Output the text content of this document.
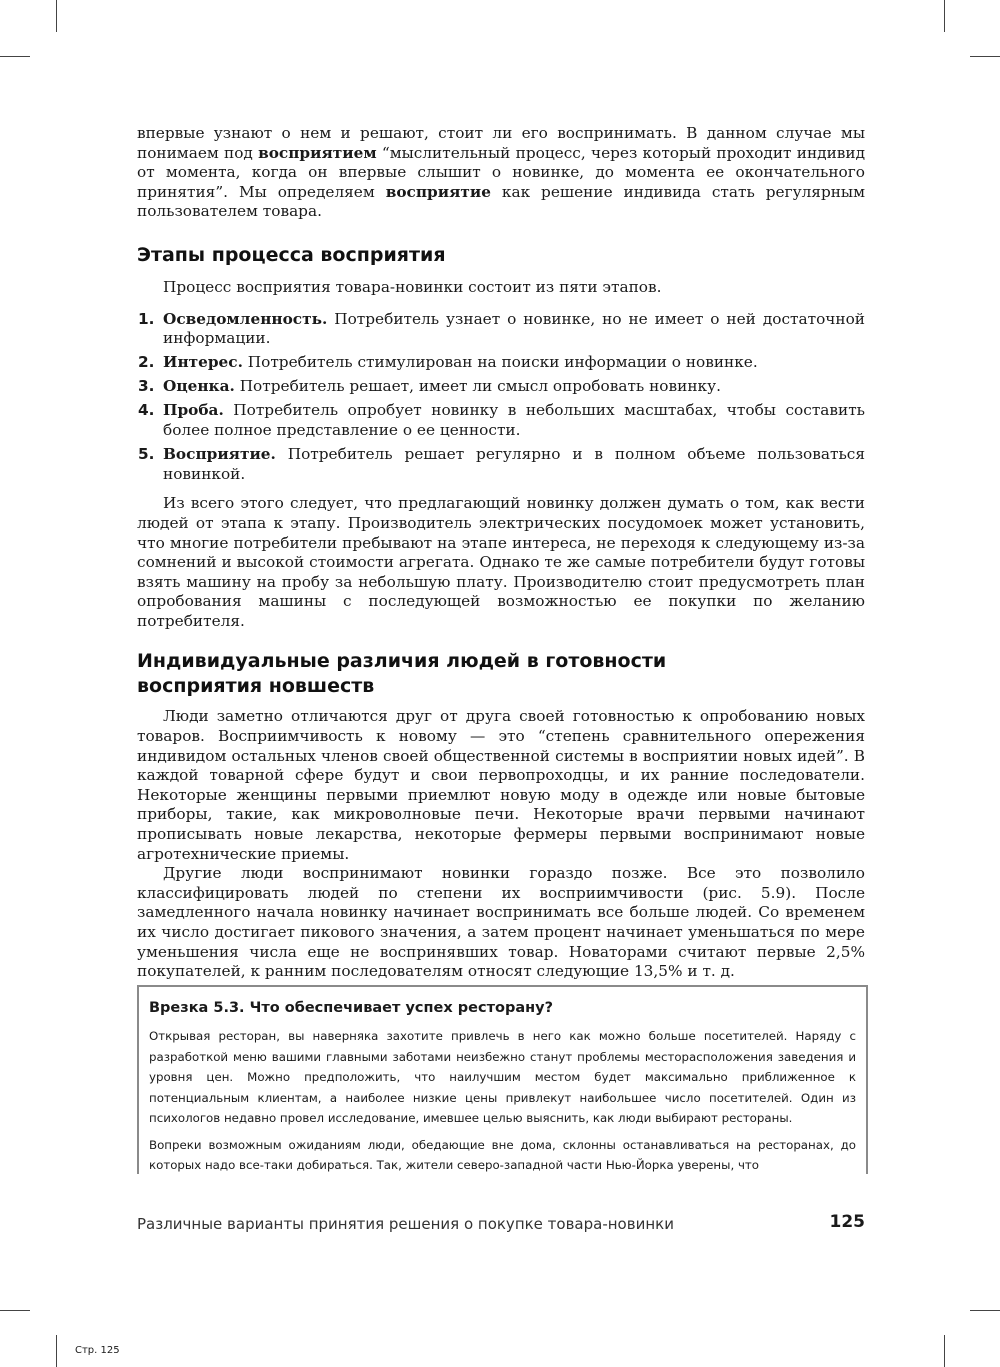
впервые узнают о нем и решают, стоит ли его воспринимать. В данном случае мы понимаем под восприятием “мыслительный процесс, через который проходит индивид от момента, когда он впервые слышит о новинке, до момента ее окончательного принятия”. Мы определяем восприятие как решение индивида стать регулярным пользователем товара.

Этапы процесса восприятия

Процесс восприятия товара-новинки состоит из пяти этапов.

1. Осведомленность. Потребитель узнает о новинке, но не имеет о ней достаточной информации.
2. Интерес. Потребитель стимулирован на поиски информации о новинке.
3. Оценка. Потребитель решает, имеет ли смысл опробовать новинку.
4. Проба. Потребитель опробует новинку в небольших масштабах, чтобы составить более полное представление о ее ценности.
5. Восприятие. Потребитель решает регулярно и в полном объеме пользоваться новинкой.

Из всего этого следует, что предлагающий новинку должен думать о том, как вести людей от этапа к этапу. Производитель электрических посудомоек может установить, что многие потребители пребывают на этапе интереса, не переходя к следующему из-за сомнений и высокой стоимости агрегата. Однако те же самые потребители будут готовы взять машину на пробу за небольшую плату. Производителю стоит предусмотреть план опробования машины с последующей возможностью ее покупки по желанию потребителя.

Индивидуальные различия людей в готовности
восприятия новшеств

Люди заметно отличаются друг от друга своей готовностью к опробованию новых товаров. Восприимчивость к новому — это “степень сравнительного опережения индивидом остальных членов своей общественной системы в восприятии новых идей”. В каждой товарной сфере будут и свои первопроходцы, и их ранние последователи. Некоторые женщины первыми приемлют новую моду в одежде или новые бытовые приборы, такие, как микроволновые печи. Некоторые врачи первыми начинают прописывать новые лекарства, некоторые фермеры первыми воспринимают новые агротехнические приемы.

Другие люди воспринимают новинки гораздо позже. Все это позволило классифицировать людей по степени их восприимчивости (рис. 5.9). После замедленного начала новинку начинает воспринимать все больше людей. Со временем их число достигает пикового значения, а затем процент начинает уменьшаться по мере уменьшения числа еще не воспринявших товар. Новаторами считают первые 2,5% покупателей, к ранним последователям относят следующие 13,5% и т. д.

Врезка 5.3. Что обеспечивает успех ресторану?

Открывая ресторан, вы наверняка захотите привлечь в него как можно больше посетителей. Наряду с разработкой меню вашими главными заботами неизбежно станут проблемы месторасположения заведения и уровня цен. Можно предположить, что наилучшим местом будет максимально приближенное к потенциальным клиентам, а наиболее низкие цены привлекут наибольшее число посетителей. Один из психологов недавно провел исследование, имевшее целью выяснить, как люди выбирают рестораны.

Вопреки возможным ожиданиям люди, обедающие вне дома, склонны останавливаться на ресторанах, до которых надо все-таки добираться. Так, жители северо-западной части Нью-Йорка уверены, что

Различные варианты принятия решения о покупке товара-новинки	125
Стр. 125
